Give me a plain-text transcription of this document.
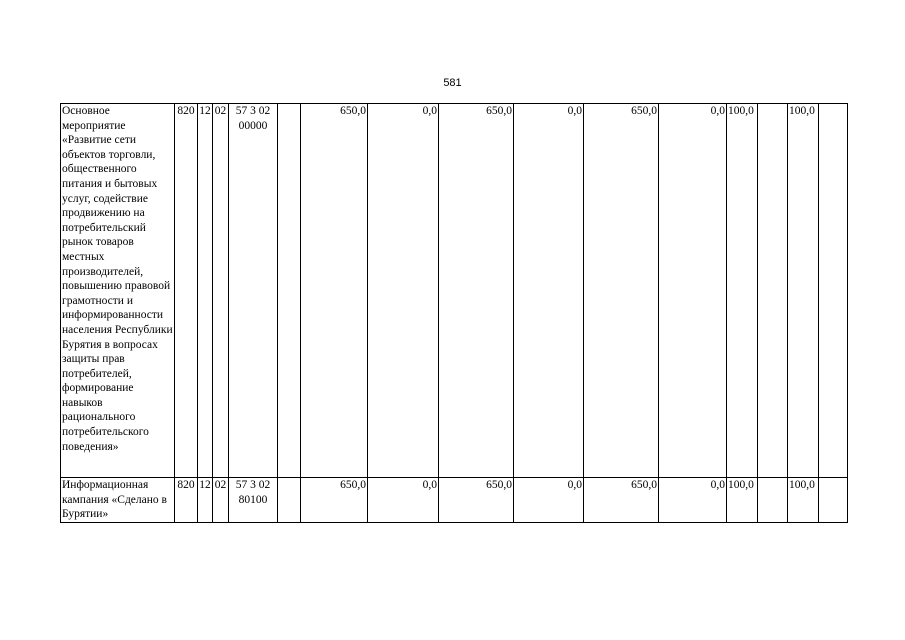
581
Основное мероприятие «Развитие сети объектов торговли, общественного питания и бытовых услуг, содействие продвижению на потребительский рынок товаров местных производителей, повышению правовой грамотности и информированности населения Республики Бурятия в вопросах защиты прав потребителей, формирование навыков рационального потребительского поведения»	820	12	02	57 3 02 00000		650,0	0,0	650,0	0,0	650,0	0,0	100,0		100,0	
Информационная кампания «Сделано в Бурятии»	820	12	02	57 3 02 80100		650,0	0,0	650,0	0,0	650,0	0,0	100,0		100,0	
